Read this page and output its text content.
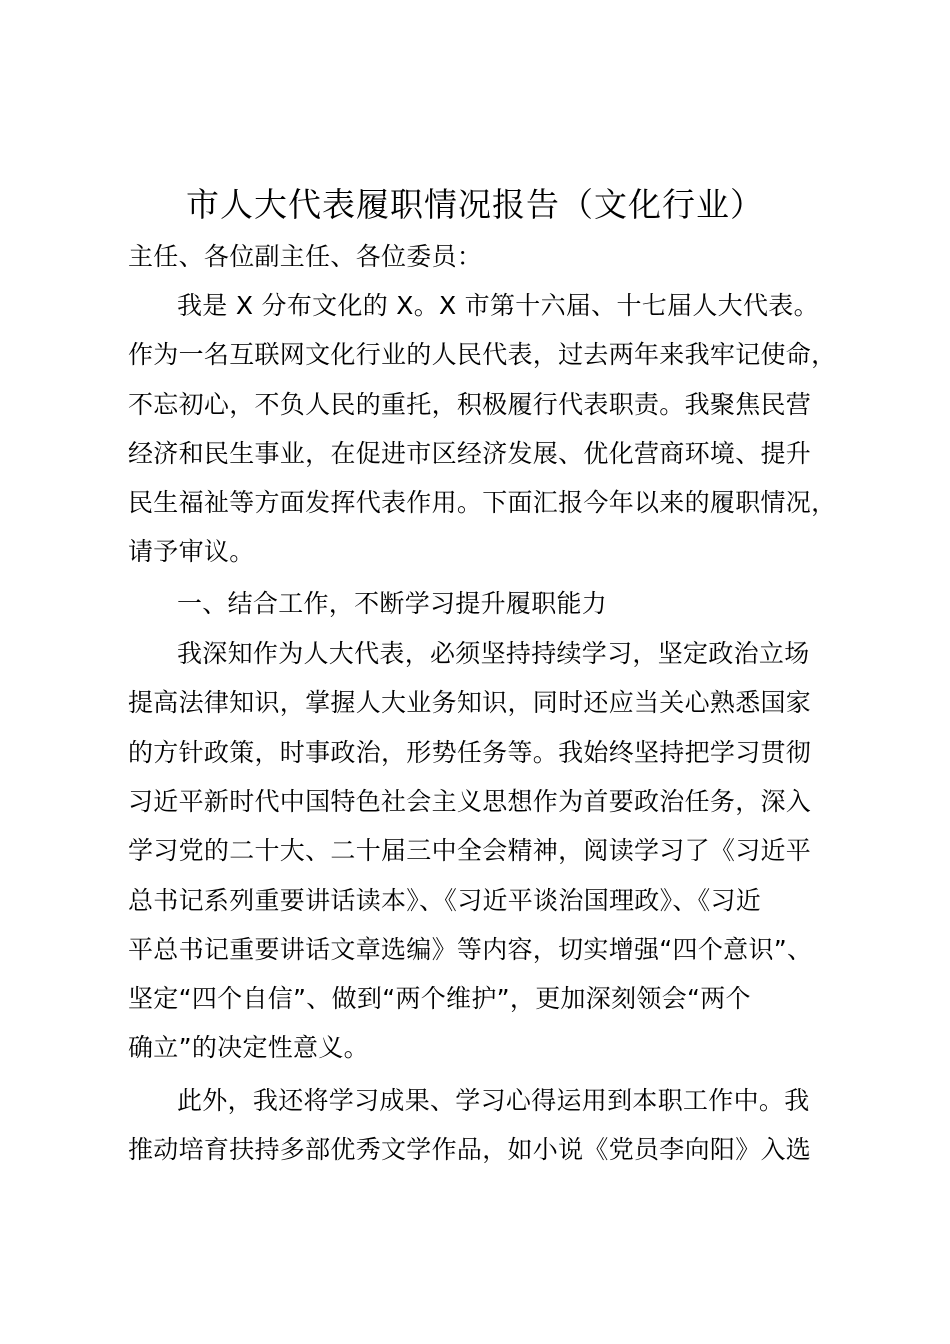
市人大代表履职情况报告（文化行业）
主任、各位副主任、各位委员：
我是 X 分布文化的 X。X 市第十六届、十七届人大代表。
作为一名互联网文化行业的人民代表，过去两年来我牢记使命，
不忘初心，不负人民的重托，积极履行代表职责。我聚焦民营
经济和民生事业，在促进市区经济发展、优化营商环境、提升
民生福祉等方面发挥代表作用。下面汇报今年以来的履职情况，
请予审议。
一、结合工作，不断学习提升履职能力
我深知作为人大代表，必须坚持持续学习，坚定政治立场
提高法律知识，掌握人大业务知识，同时还应当关心熟悉国家
的方针政策，时事政治，形势任务等。我始终坚持把学习贯彻
习近平新时代中国特色社会主义思想作为首要政治任务，深入
学习党的二十大、二十届三中全会精神，阅读学习了《习近平
总书记系列重要讲话读本》、《习近平谈治国理政》、《习近
平总书记重要讲话文章选编》等内容，切实增强“四个意识”、
坚定“四个自信”、做到“两个维护”，更加深刻领会“两个
确立”的决定性意义。
此外，我还将学习成果、学习心得运用到本职工作中。我
推动培育扶持多部优秀文学作品，如小说《党员李向阳》入选
